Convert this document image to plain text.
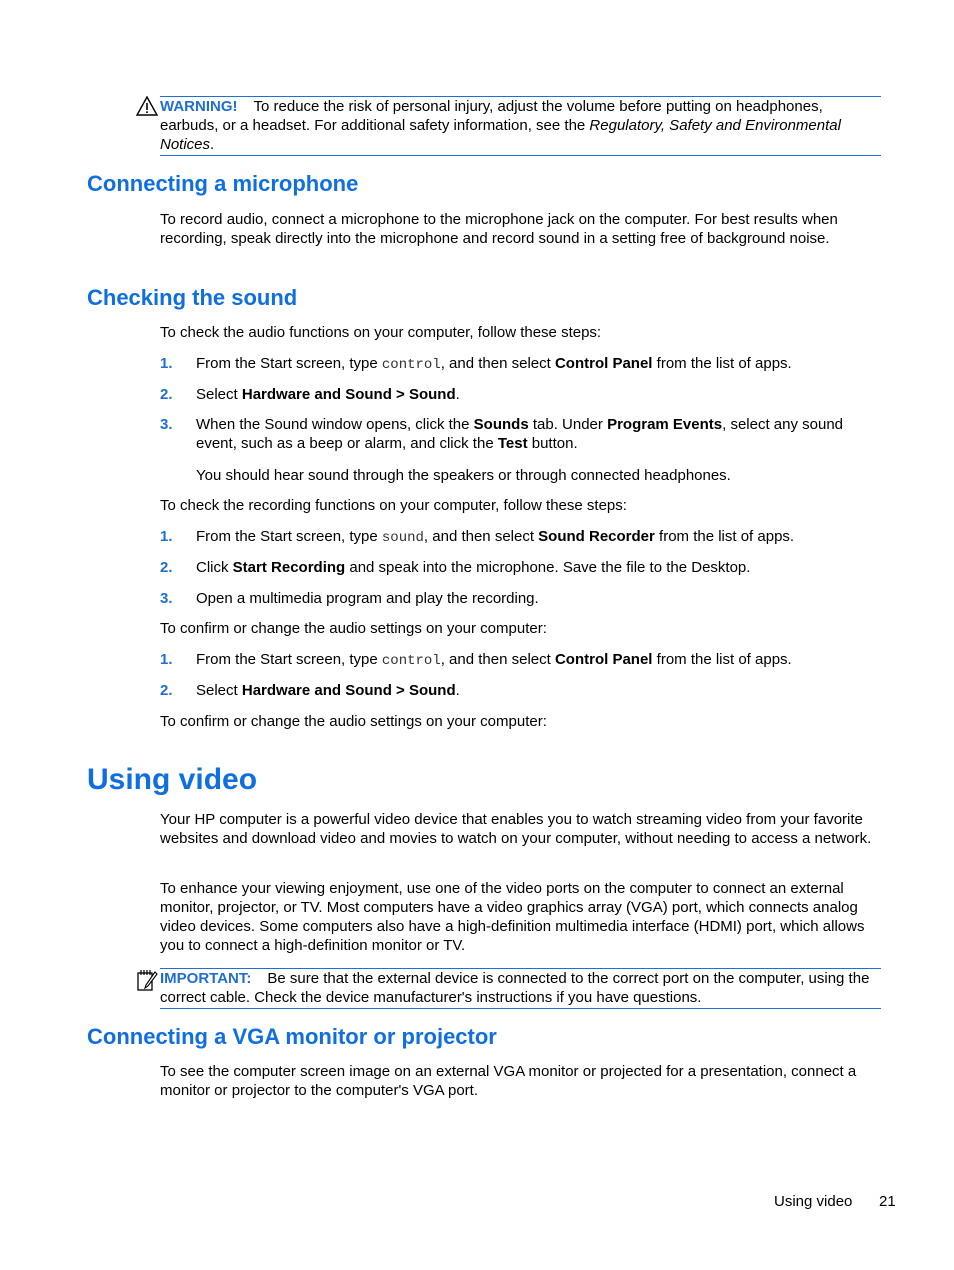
WARNING! To reduce the risk of personal injury, adjust the volume before putting on headphones, earbuds, or a headset. For additional safety information, see the Regulatory, Safety and Environmental Notices.
Connecting a microphone
To record audio, connect a microphone to the microphone jack on the computer. For best results when recording, speak directly into the microphone and record sound in a setting free of background noise.
Checking the sound
To check the audio functions on your computer, follow these steps:
1. From the Start screen, type control, and then select Control Panel from the list of apps.
2. Select Hardware and Sound > Sound.
3. When the Sound window opens, click the Sounds tab. Under Program Events, select any sound event, such as a beep or alarm, and click the Test button.
You should hear sound through the speakers or through connected headphones.
To check the recording functions on your computer, follow these steps:
1. From the Start screen, type sound, and then select Sound Recorder from the list of apps.
2. Click Start Recording and speak into the microphone. Save the file to the Desktop.
3. Open a multimedia program and play the recording.
To confirm or change the audio settings on your computer:
1. From the Start screen, type control, and then select Control Panel from the list of apps.
2. Select Hardware and Sound > Sound.
To confirm or change the audio settings on your computer:
Using video
Your HP computer is a powerful video device that enables you to watch streaming video from your favorite websites and download video and movies to watch on your computer, without needing to access a network.
To enhance your viewing enjoyment, use one of the video ports on the computer to connect an external monitor, projector, or TV. Most computers have a video graphics array (VGA) port, which connects analog video devices. Some computers also have a high-definition multimedia interface (HDMI) port, which allows you to connect a high-definition monitor or TV.
IMPORTANT: Be sure that the external device is connected to the correct port on the computer, using the correct cable. Check the device manufacturer's instructions if you have questions.
Connecting a VGA monitor or projector
To see the computer screen image on an external VGA monitor or projected for a presentation, connect a monitor or projector to the computer's VGA port.
Using video 21
